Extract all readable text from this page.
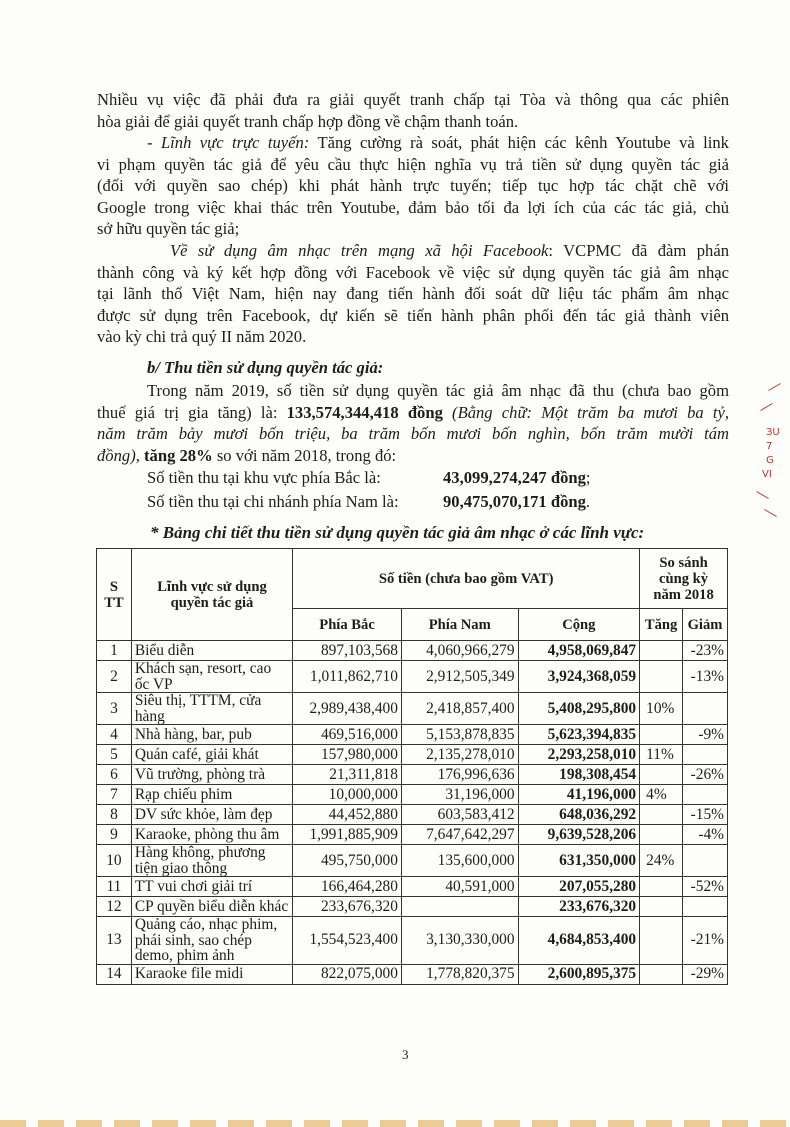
Nhiều vụ việc đã phải đưa ra giải quyết tranh chấp tại Tòa và thông qua các phiên
hòa giải để giải quyết tranh chấp hợp đồng về chậm thanh toán.
- Lĩnh vực trực tuyến: Tăng cường rà soát, phát hiện các kênh Youtube và link
vi phạm quyền tác giả để yêu cầu thực hiện nghĩa vụ trả tiền sử dụng quyền tác giả
(đối với quyền sao chép) khi phát hành trực tuyến; tiếp tục hợp tác chặt chẽ với
Google trong việc khai thác trên Youtube, đảm bảo tối đa lợi ích của các tác giả, chủ
sở hữu quyền tác giả;
Về sử dụng âm nhạc trên mạng xã hội Facebook: VCPMC đã đàm phán
thành công và ký kết hợp đồng với Facebook về việc sử dụng quyền tác giả âm nhạc
tại lãnh thổ Việt Nam, hiện nay đang tiến hành đối soát dữ liệu tác phẩm âm nhạc
được sử dụng trên Facebook, dự kiến sẽ tiến hành phân phối đến tác giả thành viên
vào kỳ chi trả quý II năm 2020.
b/ Thu tiền sử dụng quyền tác giả:
Trong năm 2019, số tiền sử dụng quyền tác giả âm nhạc đã thu (chưa bao gồm
thuế giá trị gia tăng) là: 133,574,344,418 đồng (Bằng chữ: Một trăm ba mươi ba tỷ,
năm trăm bảy mươi bốn triệu, ba trăm bốn mươi bốn nghìn, bốn trăm mười tám
đồng), tăng 28% so với năm 2018, trong đó:
Số tiền thu tại khu vực phía Bắc là:	43,099,274,247 đồng;
Số tiền thu tại chi nhánh phía Nam là:	90,475,070,171 đồng.
* Bảng chi tiết thu tiền sử dụng quyền tác giả âm nhạc ở các lĩnh vực:
S
TT	Lĩnh vực sử dụng
quyền tác giả	Số tiền (chưa bao gồm VAT)			So sánh
cùng kỳ
năm 2018	
		Phía Bắc	Phía Nam	Cộng	Tăng	Giảm
1	Biểu diễn	897,103,568	4,060,966,279	4,958,069,847		-23%
2	Khách sạn, resort, cao ốc VP	1,011,862,710	2,912,505,349	3,924,368,059		-13%
3	Siêu thị, TTTM, cửa hàng	2,989,438,400	2,418,857,400	5,408,295,800	10%	
4	Nhà hàng, bar, pub	469,516,000	5,153,878,835	5,623,394,835		-9%
5	Quán café, giải khát	157,980,000	2,135,278,010	2,293,258,010	11%	
6	Vũ trường, phòng trà	21,311,818	176,996,636	198,308,454		-26%
7	Rạp chiếu phim	10,000,000	31,196,000	41,196,000	4%	
8	DV sức khỏe, làm đẹp	44,452,880	603,583,412	648,036,292		-15%
9	Karaoke, phòng thu âm	1,991,885,909	7,647,642,297	9,639,528,206		-4%
10	Hàng không, phương tiện giao thông	495,750,000	135,600,000	631,350,000	24%	
11	TT vui chơi giải trí	166,464,280	40,591,000	207,055,280		-52%
12	CP quyền biểu diễn khác	233,676,320		233,676,320		
13	Quảng cáo, nhạc phim, phái sinh, sao chép demo, phim ảnh	1,554,523,400	3,130,330,000	4,684,853,400		-21%
14	Karaoke file midi	822,075,000	1,778,820,375	2,600,895,375		-29%
3
ЗU
7
G
VI
